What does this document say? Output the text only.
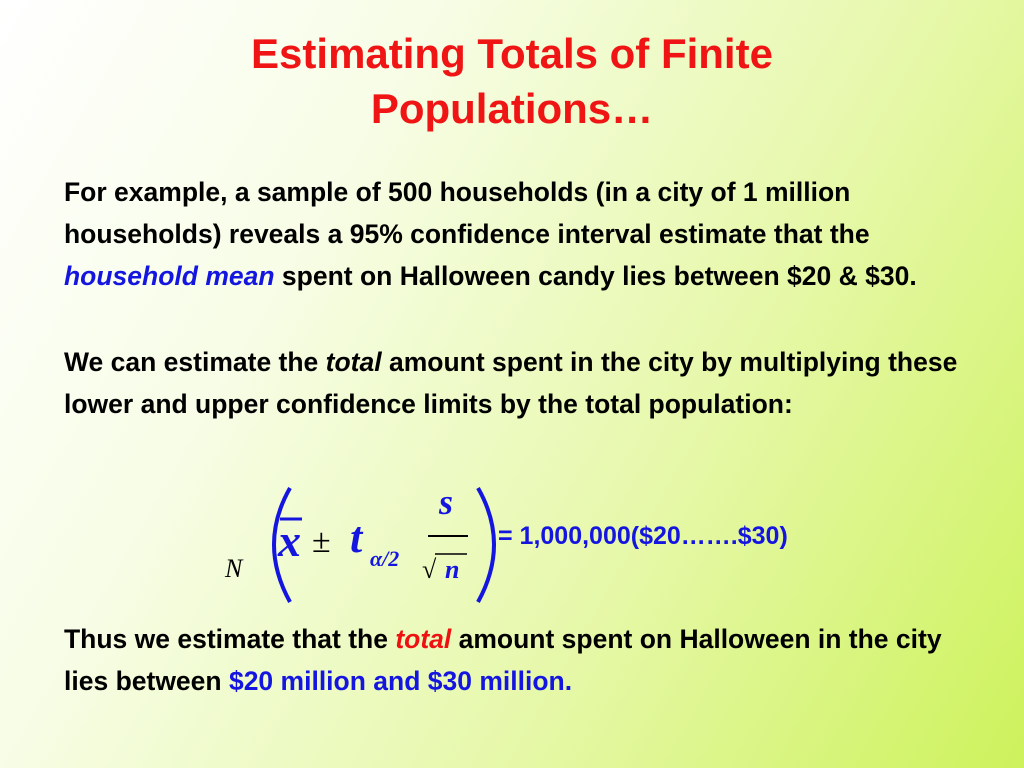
Estimating Totals of Finite
Populations…
For example, a sample of 500 households (in a city of 1 million households) reveals a 95% confidence interval estimate that the household mean spent on Halloween candy lies between $20 & $30.
We can estimate the total amount spent in the city by multiplying these lower and upper confidence limits by the total population:
N
x ± t α/2
s
√ n
= 1,000,000($20…….$30)
Thus we estimate that the total amount spent on Halloween in the city lies between $20 million and $30 million.
